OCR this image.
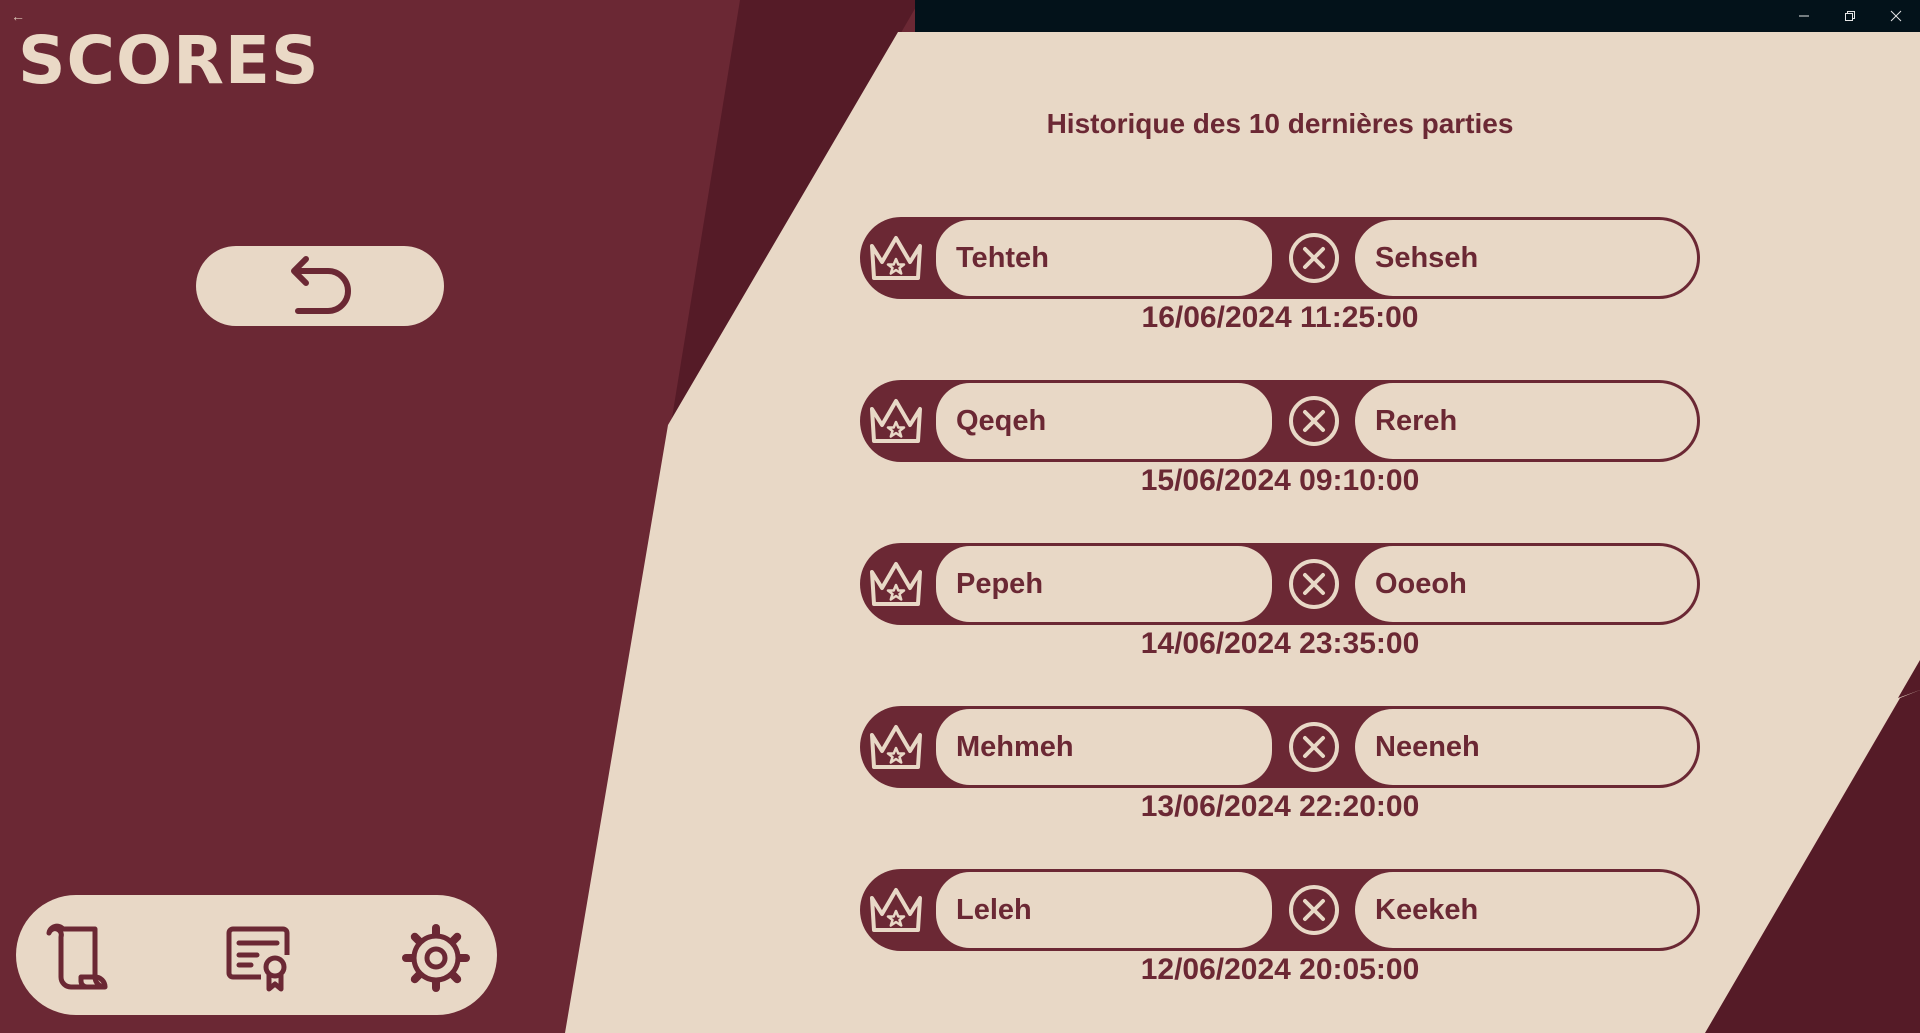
←
SCORES
Historique des 10 dernières parties
Tehteh	Sehseh
16/06/2024 11:25:00
Qeqeh	Rereh
15/06/2024 09:10:00
Pepeh	Ooeoh
14/06/2024 23:35:00
Mehmeh	Neeneh
13/06/2024 22:20:00
Leleh	Keekeh
12/06/2024 20:05:00
